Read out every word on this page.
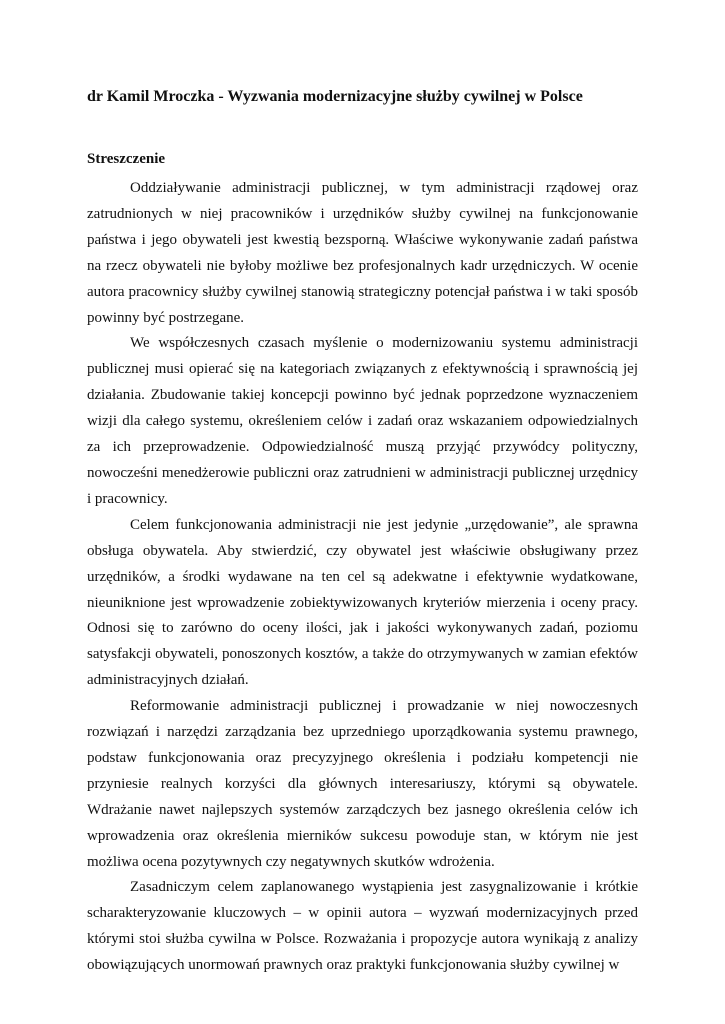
dr Kamil Mroczka - Wyzwania modernizacyjne służby cywilnej w Polsce
Streszczenie

Oddziaływanie administracji publicznej, w tym administracji rządowej oraz zatrudnionych w niej pracowników i urzędników służby cywilnej na funkcjonowanie państwa i jego obywateli jest kwestią bezsporną. Właściwe wykonywanie zadań państwa na rzecz obywateli nie byłoby możliwe bez profesjonalnych kadr urzędniczych. W ocenie autora pracownicy służby cywilnej stanowią strategiczny potencjał państwa i w taki sposób powinny być postrzegane.

We współczesnych czasach myślenie o modernizowaniu systemu administracji publicznej musi opierać się na kategoriach związanych z efektywnością i sprawnością jej działania. Zbudowanie takiej koncepcji powinno być jednak poprzedzone wyznaczeniem wizji dla całego systemu, określeniem celów i zadań oraz wskazaniem odpowiedzialnych za ich przeprowadzenie. Odpowiedzialność muszą przyjąć przywódcy polityczny, nowocześni menedżerowie publiczni oraz zatrudnieni w administracji publicznej urzędnicy i pracownicy.

Celem funkcjonowania administracji nie jest jedynie „urzędowanie”, ale sprawna obsługa obywatela. Aby stwierdzić, czy obywatel jest właściwie obsługiwany przez urzędników, a środki wydawane na ten cel są adekwatne i efektywnie wydatkowane, nieuniknione jest wprowadzenie zobiektywizowanych kryteriów mierzenia i oceny pracy. Odnosi się to zarówno do oceny ilości, jak i jakości wykonywanych zadań, poziomu satysfakcji obywateli, ponoszonych kosztów, a także do otrzymywanych w zamian efektów administracyjnych działań.

Reformowanie administracji publicznej i prowadzanie w niej nowoczesnych rozwiązań i narzędzi zarządzania bez uprzedniego uporządkowania systemu prawnego, podstaw funkcjonowania oraz precyzyjnego określenia i podziału kompetencji nie przyniesie realnych korzyści dla głównych interesariuszy, którymi są obywatele. Wdrażanie nawet najlepszych systemów zarządczych bez jasnego określenia celów ich wprowadzenia oraz określenia mierników sukcesu powoduje stan, w którym nie jest możliwa ocena pozytywnych czy negatywnych skutków wdrożenia.

Zasadniczym celem zaplanowanego wystąpienia jest zasygnalizowanie i krótkie scharakteryzowanie kluczowych – w opinii autora – wyzwań modernizacyjnych przed którymi stoi służba cywilna w Polsce. Rozważania i propozycje autora wynikają z analizy obowiązujących unormowań prawnych oraz praktyki funkcjonowania służby cywilnej w
